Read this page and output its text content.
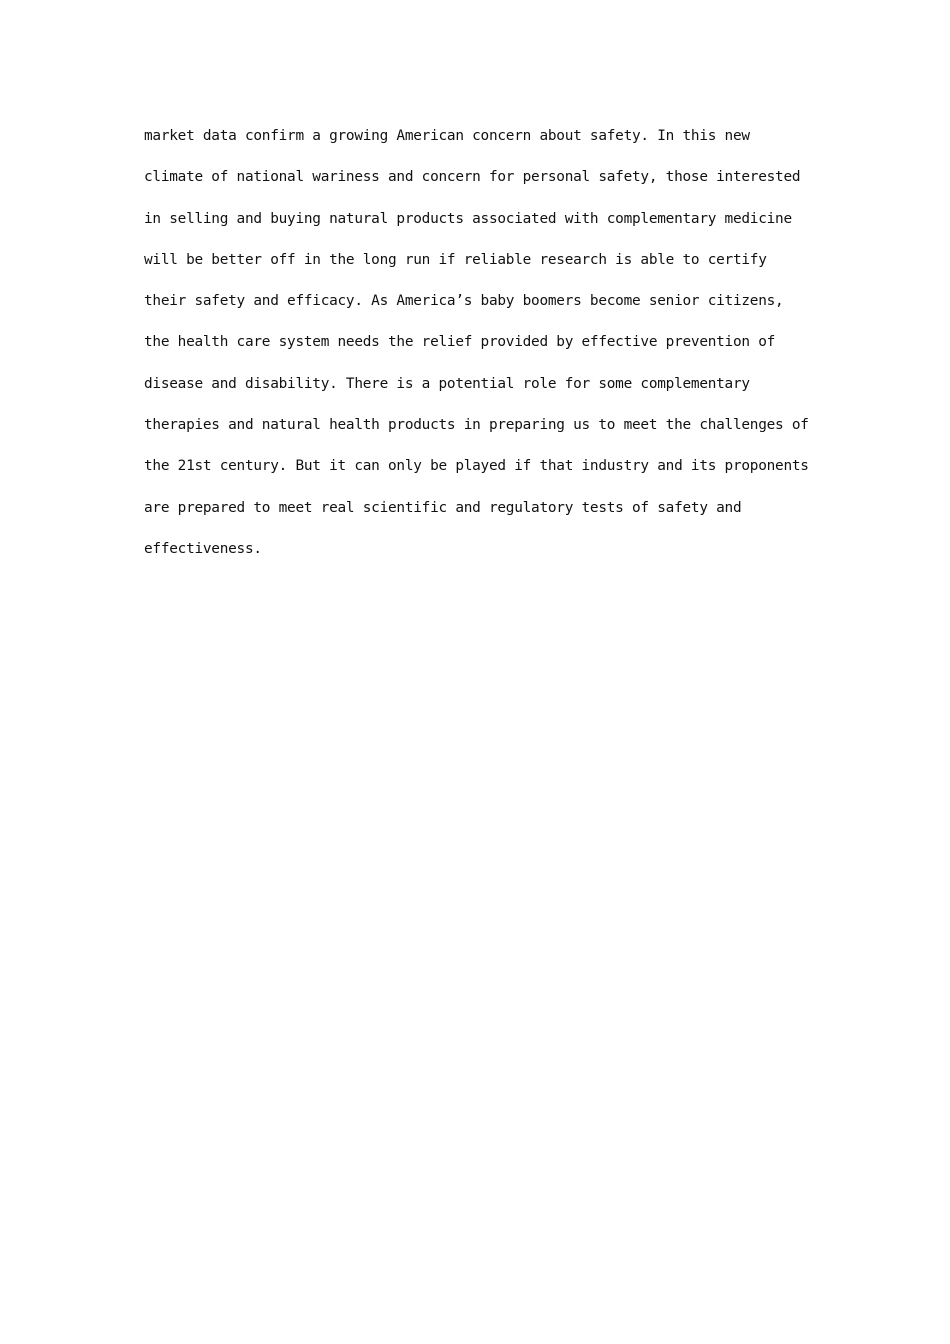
market data confirm a growing American concern about safety. In this new
climate of national wariness and concern for personal safety, those interested
in selling and buying natural products associated with complementary medicine
will be better off in the long run if reliable research is able to certify
their safety and efficacy. As America’s baby boomers become senior citizens,
the health care system needs the relief provided by effective prevention of
disease and disability. There is a potential role for some complementary
therapies and natural health products in preparing us to meet the challenges of
the 21st century. But it can only be played if that industry and its proponents
are prepared to meet real scientific and regulatory tests of safety and
effectiveness.
